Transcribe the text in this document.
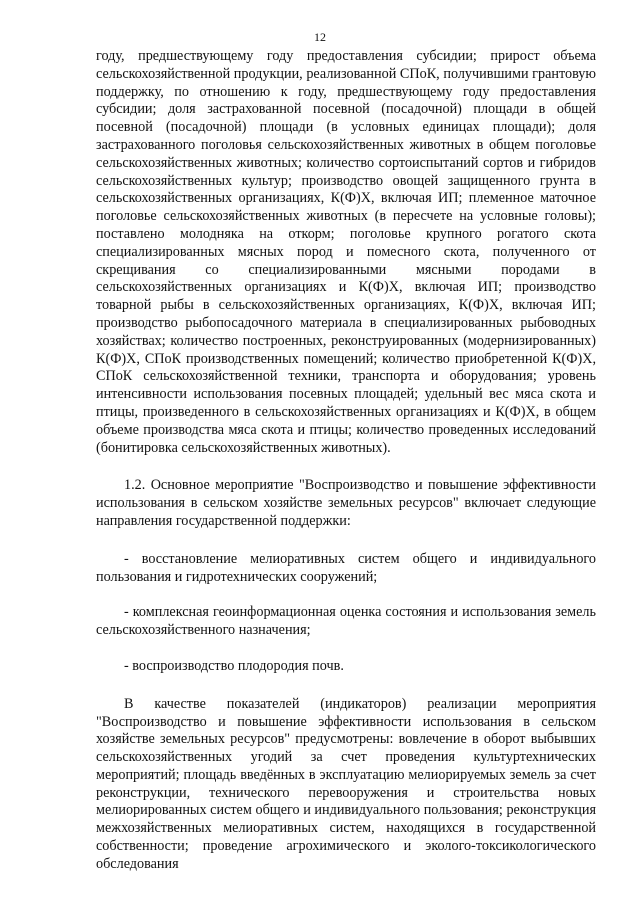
12

году, предшествующему году предоставления субсидии; прирост объема сельскохозяйственной продукции, реализованной СПоК, получившими грантовую поддержку, по отношению к году, предшествующему году предоставления субсидии; доля застрахованной посевной (посадочной) площади в общей посевной (посадочной) площади (в условных единицах площади); доля застрахованного поголовья сельскохозяйственных животных в общем поголовье сельскохозяйственных животных; количество сортоиспытаний сортов и гибридов сельскохозяйственных культур; производство овощей защищенного грунта в сельскохозяйственных организациях, К(Ф)Х, включая ИП; племенное маточное поголовье сельскохозяйственных животных (в пересчете на условные головы); поставлено молодняка на откорм; поголовье крупного рогатого скота специализированных мясных пород и помесного скота, полученного от скрещивания со специализированными мясными породами в сельскохозяйственных организациях и К(Ф)Х, включая ИП; производство товарной рыбы в сельскохозяйственных организациях, К(Ф)Х, включая ИП; производство рыбопосадочного материала в специализированных рыбоводных хозяйствах; количество построенных, реконструированных (модернизированных) К(Ф)Х, СПоК производственных помещений; количество приобретенной К(Ф)Х, СПоК сельскохозяйственной техники, транспорта и оборудования; уровень интенсивности использования посевных площадей; удельный вес мяса скота и птицы, произведенного в сельскохозяйственных организациях и К(Ф)Х, в общем объеме производства мяса скота и птицы; количество проведенных исследований (бонитировка сельскохозяйственных животных).

1.2. Основное мероприятие "Воспроизводство и повышение эффективности использования в сельском хозяйстве земельных ресурсов" включает следующие направления государственной поддержки:

- восстановление мелиоративных систем общего и индивидуального пользования и гидротехнических сооружений;

- комплексная геоинформационная оценка состояния и использования земель сельскохозяйственного назначения;

- воспроизводство плодородия почв.

В качестве показателей (индикаторов) реализации мероприятия "Воспроизводство и повышение эффективности использования в сельском хозяйстве земельных ресурсов" предусмотрены: вовлечение в оборот выбывших сельскохозяйственных угодий за счет проведения культуртехнических мероприятий; площадь введённых в эксплуатацию мелиорируемых земель за счет реконструкции, технического перевооружения и строительства новых мелиорированных систем общего и индивидуального пользования; реконструкция межхозяйственных мелиоративных систем, находящихся в государственной собственности; проведение агрохимического и эколого-токсикологического обследования
